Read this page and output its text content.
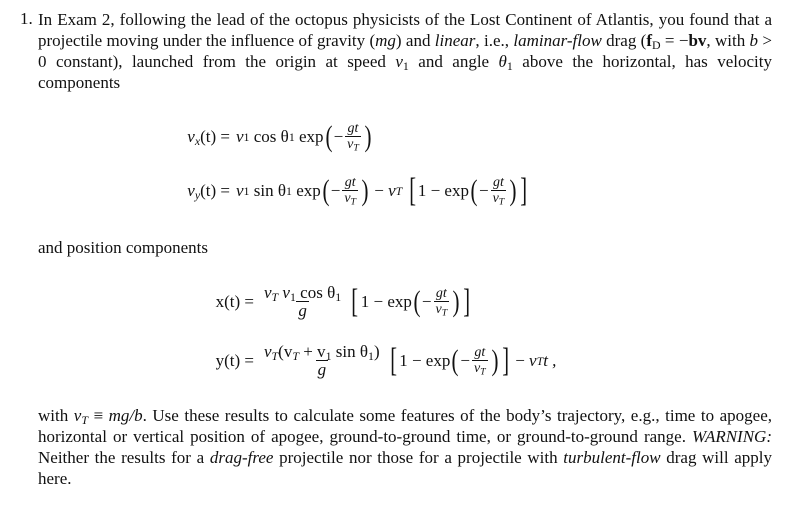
1. In Exam 2, following the lead of the octopus physicists of the Lost Continent of Atlantis, you found that a projectile moving under the influence of gravity (mg) and linear, i.e., laminar-flow drag ($f_D = -bv$, with b > 0 constant), launched from the origin at speed $v_1$ and angle $\theta_1$ above the horizontal, has velocity components
$v_x(t) = v$ 1
cos θ 1
exp ( − $\frac{gt}{v_T}$ )
$v_y(t) = v$ 1
sin θ 1
exp ( − $\frac{gt}{v_T}$ )
−
v T
[ 1 − exp ( − $\frac{gt}{v_T}$ ) ]
and position components
$x(t) = \frac{v_T v_1 \cos \theta_1}{g}$
[ 1 − exp ( − $\frac{gt}{v_T}$ ) ]
$y(t) = \frac{v_T(v_T + v_1 \sin \theta_1)}{g}$
[ 1 − exp ( − $\frac{gt}{v_T}$ ) ]
−
v T t ,
with $v_T \equiv mg/b$. Use these results to calculate some features of the body’s trajectory, e.g., time to apogee, horizontal or vertical position of apogee, ground-to-ground time, or ground-to-ground range. WARNING: Neither the results for a drag-free projectile nor those for a projectile with turbulent-flow drag will apply here.
